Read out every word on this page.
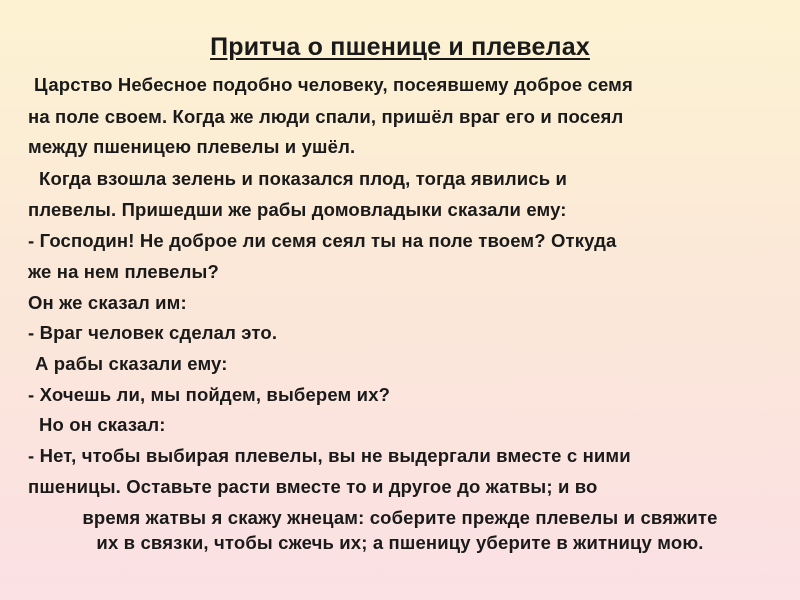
Притча о пшенице и плевелах
Царство Небесное подобно человеку, посеявшему доброе семя
на поле своем. Когда же люди спали, пришёл враг его и посеял
между пшеницею плевелы и ушёл.
Когда взошла зелень и показался плод, тогда явились и
плевелы. Пришедши же рабы домовладыки сказали ему:
- Господин! Не доброе ли семя сеял ты на поле твоем? Откуда
же на нем плевелы?
Он же сказал им:
- Враг человек сделал это.
А рабы сказали ему:
- Хочешь ли, мы пойдем, выберем их?
Но он сказал:
- Нет, чтобы выбирая плевелы, вы не выдергали вместе с ними
пшеницы. Оставьте расти вместе то и другое до жатвы; и во
время жатвы я скажу жнецам: соберите прежде плевелы и свяжите
их в связки, чтобы сжечь их; а пшеницу уберите в житницу мою.
